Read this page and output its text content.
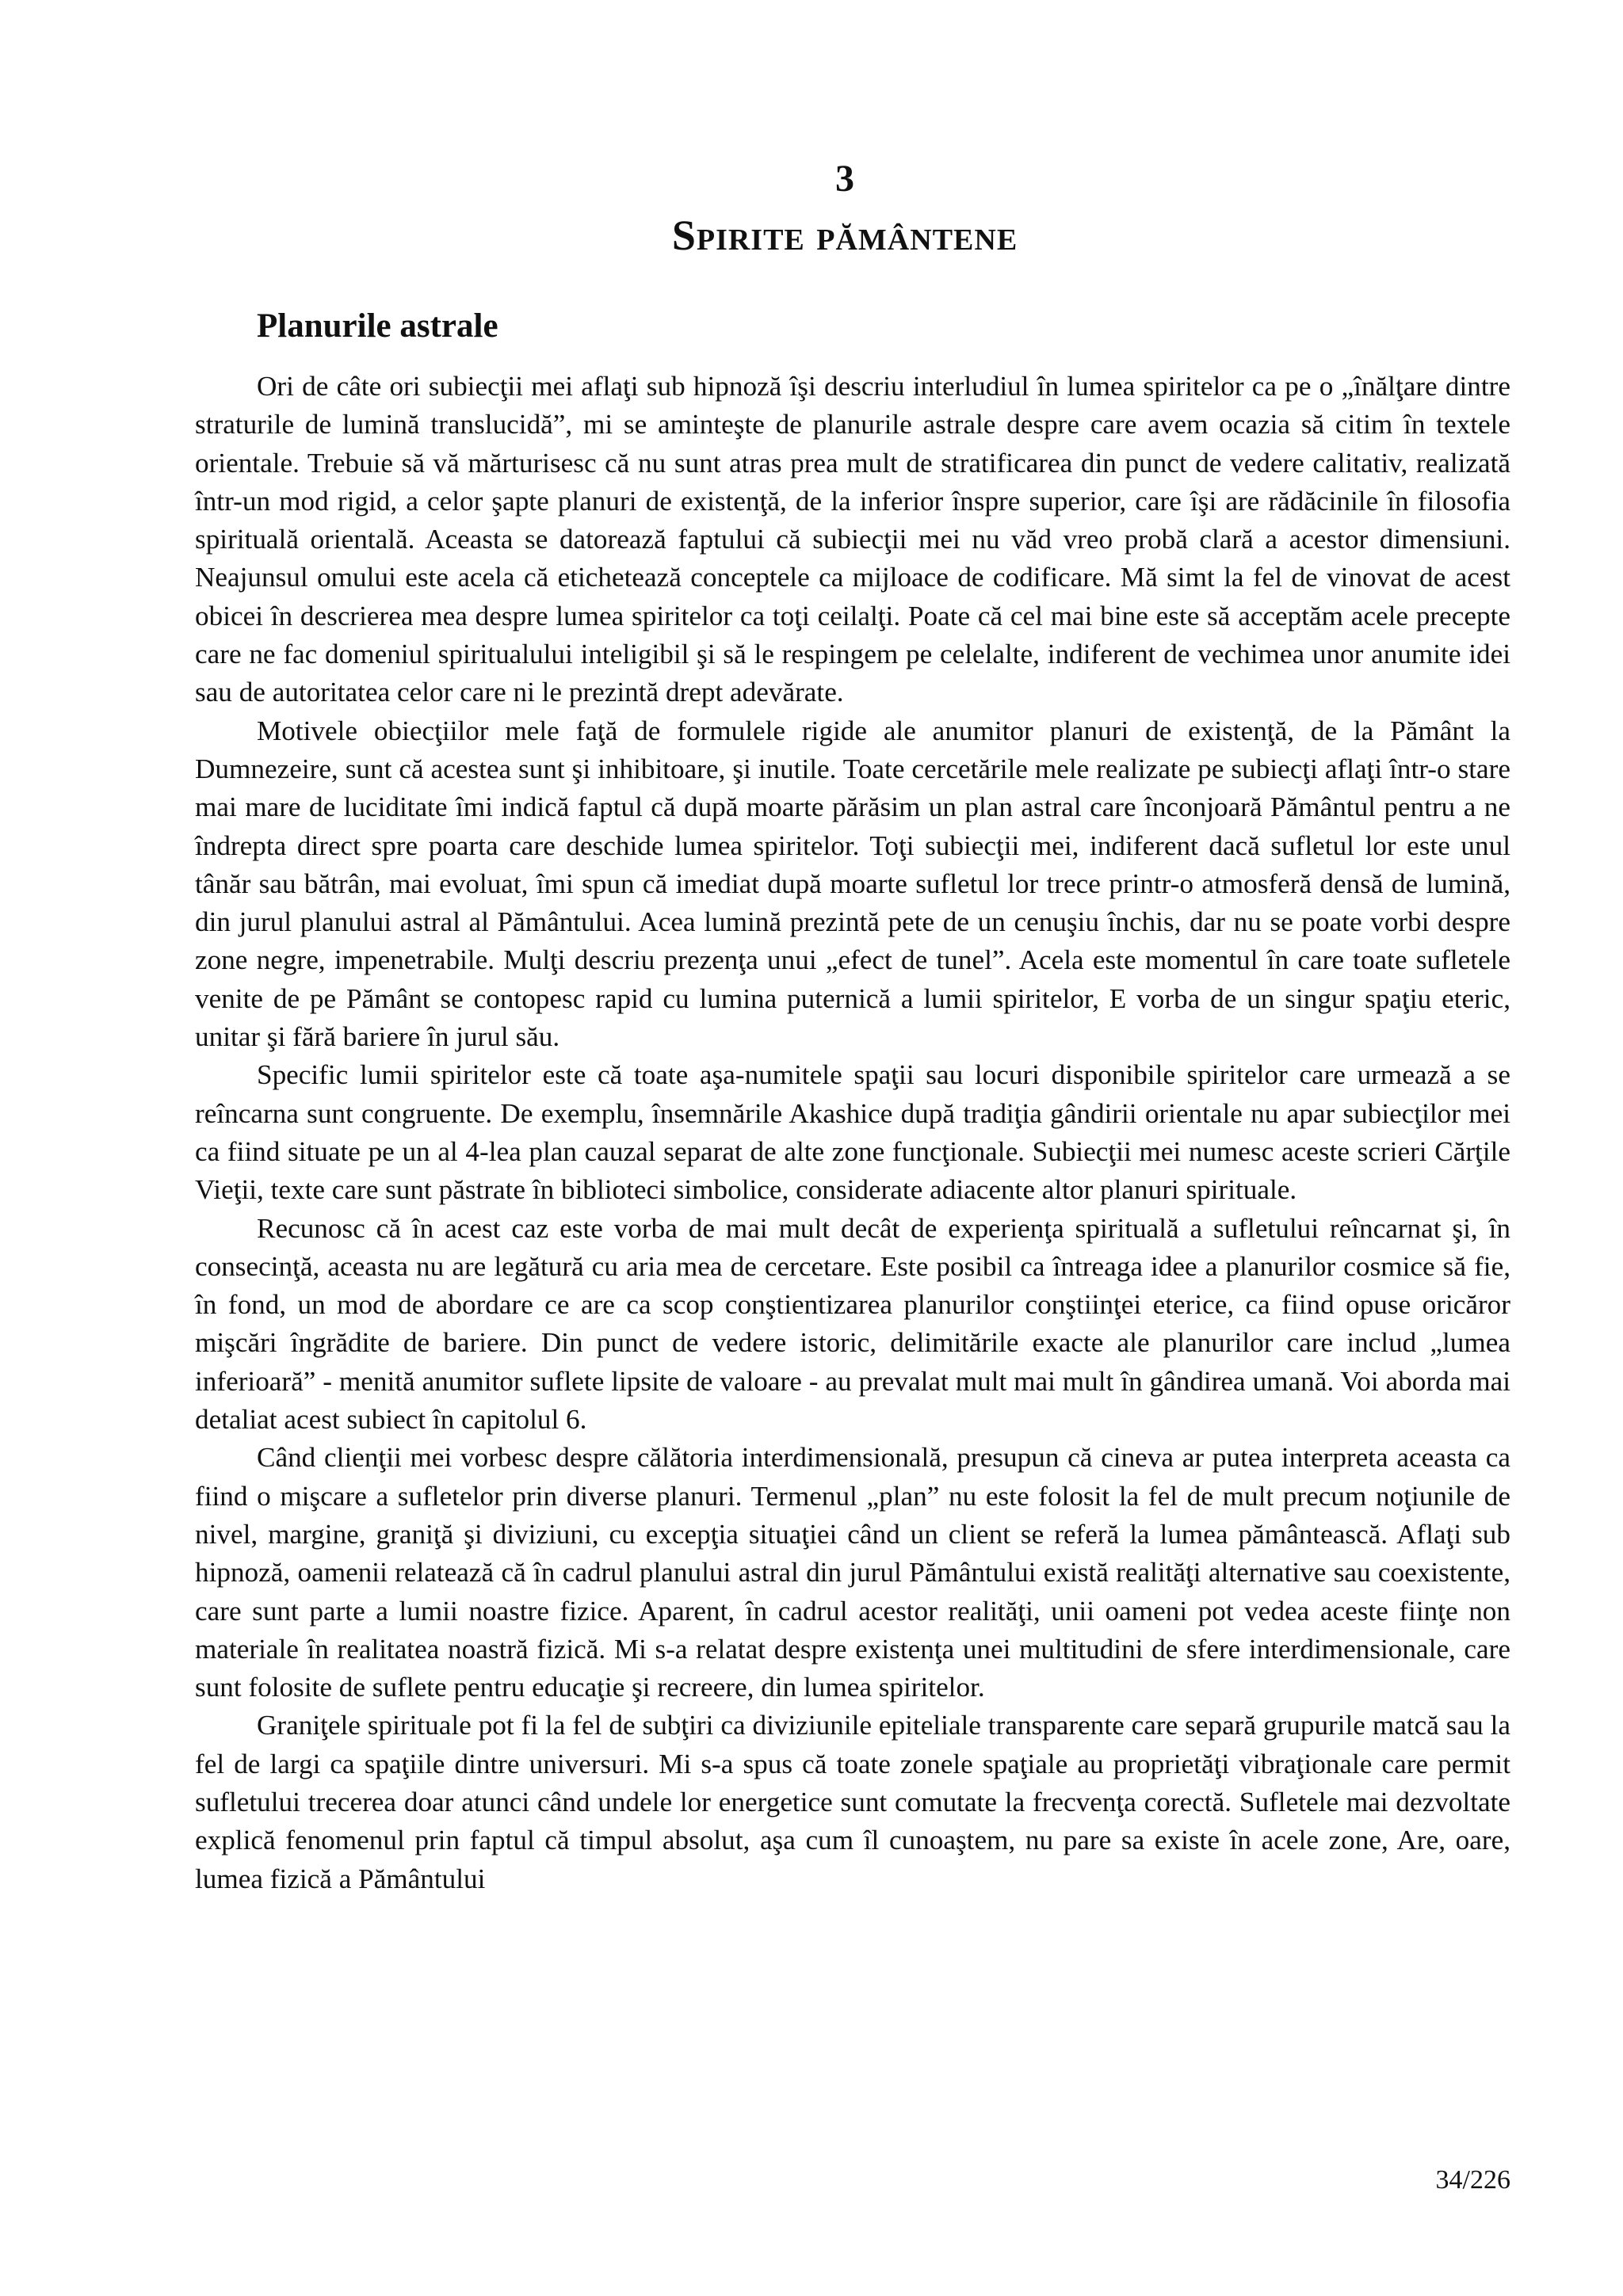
3
Spirite pământene
Planurile astrale

Ori de câte ori subiecţii mei aflaţi sub hipnoză îşi descriu interludiul în lumea spiritelor ca pe o „înălţare dintre straturile de lumină translucidă”, mi se aminteşte de planurile astrale despre care avem ocazia să citim în textele orientale. Trebuie să vă mărturisesc că nu sunt atras prea mult de stratificarea din punct de vedere calitativ, realizată într-un mod rigid, a celor şapte planuri de existenţă, de la inferior înspre superior, care îşi are rădăcinile în filosofia spirituală orientală. Aceasta se datorează faptului că subiecţii mei nu văd vreo probă clară a acestor dimensiuni. Neajunsul omului este acela că etichetează conceptele ca mijloace de codificare. Mă simt la fel de vinovat de acest obicei în descrierea mea despre lumea spiritelor ca toţi ceilalţi. Poate că cel mai bine este să acceptăm acele precepte care ne fac domeniul spiritualului inteligibil şi să le respingem pe celelalte, indiferent de vechimea unor anumite idei sau de autoritatea celor care ni le prezintă drept adevărate.

Motivele obiecţiilor mele faţă de formulele rigide ale anumitor planuri de existenţă, de la Pământ la Dumnezeire, sunt că acestea sunt şi inhibitoare, şi inutile. Toate cercetările mele realizate pe subiecţi aflaţi într-o stare mai mare de luciditate îmi indică faptul că după moarte părăsim un plan astral care înconjoară Pământul pentru a ne îndrepta direct spre poarta care deschide lumea spiritelor. Toţi subiecţii mei, indiferent dacă sufletul lor este unul tânăr sau bătrân, mai evoluat, îmi spun că imediat după moarte sufletul lor trece printr-o atmosferă densă de lumină, din jurul planului astral al Pământului. Acea lumină prezintă pete de un cenuşiu închis, dar nu se poate vorbi despre zone negre, impenetrabile. Mulţi descriu prezenţa unui „efect de tunel”. Acela este momentul în care toate sufletele venite de pe Pământ se contopesc rapid cu lumina puternică a lumii spiritelor, E vorba de un singur spaţiu eteric, unitar şi fără bariere în jurul său.

Specific lumii spiritelor este că toate aşa-numitele spaţii sau locuri disponibile spiritelor care urmează a se reîncarna sunt congruente. De exemplu, însemnările Akashice după tradiţia gândirii orientale nu apar subiecţilor mei ca fiind situate pe un al 4-lea plan cauzal separat de alte zone funcţionale. Subiecţii mei numesc aceste scrieri Cărţile Vieţii, texte care sunt păstrate în biblioteci simbolice, considerate adiacente altor planuri spirituale.

Recunosc că în acest caz este vorba de mai mult decât de experienţa spirituală a sufletului reîncarnat şi, în consecinţă, aceasta nu are legătură cu aria mea de cercetare. Este posibil ca întreaga idee a planurilor cosmice să fie, în fond, un mod de abordare ce are ca scop conştientizarea planurilor conştiinţei eterice, ca fiind opuse oricăror mişcări îngrădite de bariere. Din punct de vedere istoric, delimitările exacte ale planurilor care includ „lumea inferioară” - menită anumitor suflete lipsite de valoare - au prevalat mult mai mult în gândirea umană. Voi aborda mai detaliat acest subiect în capitolul 6.

Când clienţii mei vorbesc despre călătoria interdimensională, presupun că cineva ar putea interpreta aceasta ca fiind o mişcare a sufletelor prin diverse planuri. Termenul „plan” nu este folosit la fel de mult precum noţiunile de nivel, margine, graniţă şi diviziuni, cu excepţia situaţiei când un client se referă la lumea pământească. Aflaţi sub hipnoză, oamenii relatează că în cadrul planului astral din jurul Pământului există realităţi alternative sau coexistente, care sunt parte a lumii noastre fizice. Aparent, în cadrul acestor realităţi, unii oameni pot vedea aceste fiinţe non materiale în realitatea noastră fizică. Mi s-a relatat despre existenţa unei multitudini de sfere interdimensionale, care sunt folosite de suflete pentru educaţie şi recreere, din lumea spiritelor.

Graniţele spirituale pot fi la fel de subţiri ca diviziunile epiteliale transparente care separă grupurile matcă sau la fel de largi ca spaţiile dintre universuri. Mi s-a spus că toate zonele spaţiale au proprietăţi vibraţionale care permit sufletului trecerea doar atunci când undele lor energetice sunt comutate la frecvenţa corectă. Sufletele mai dezvoltate explică fenomenul prin faptul că timpul absolut, aşa cum îl cunoaştem, nu pare sa existe în acele zone, Are, oare, lumea fizică a Pământului

34/226
